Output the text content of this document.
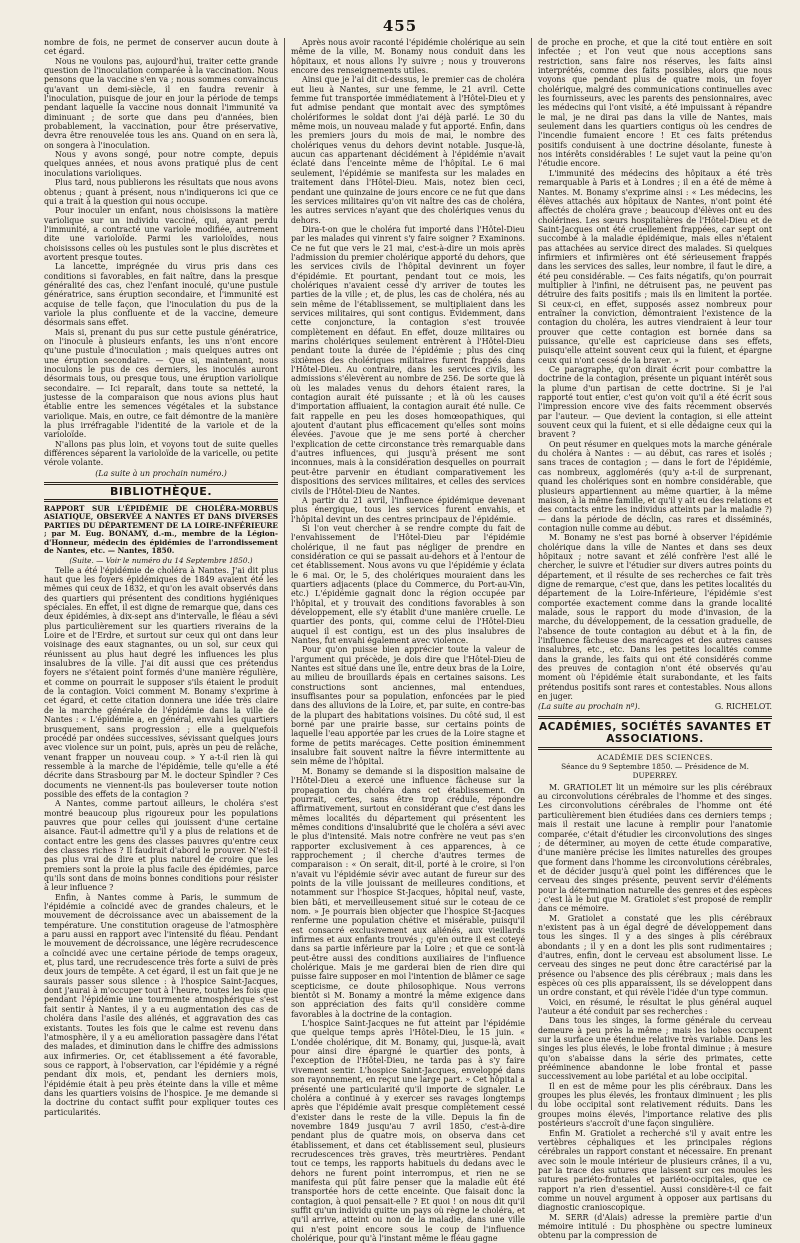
455

nombre de fois, ne permet de conserver aucun doute à cet égard.

Nous ne voulons pas, aujourd'hui, traiter cette grande question de l'inoculation comparée à la vaccination. Nous pensons que la vaccine s'en va ; nous sommes convaincus qu'avant un demi-siècle, il en faudra revenir à l'inoculation, puisque de jour en jour la période de temps pendant laquelle la vaccine nous donnait l'immunité va diminuant ; de sorte que dans peu d'années, bien probablement, la vaccination, pour être préservative, devra être renouvelée tous les ans. Quand on en sera là, on songera à l'inoculation.

Nous y avons songé, pour notre compte, depuis quelques années, et nous avons pratiqué plus de cent inoculations varioliques.

Plus tard, nous publierons les résultats que nous avons obtenus ; quant à présent, nous n'indiquerons ici que ce qui a trait à la question qui nous occupe.

Pour inoculer un enfant, nous choisissons la matière variolique sur un individu vacciné, qui, ayant perdu l'immunité, a contracté une variole modifiée, autrement dite une varioloïde. Parmi les varioloïdes, nous choisissons celles où les pustules sont le plus discrètes et avortent presque toutes.

La lancette, imprégnée du virus pris dans ces conditions si favorables, en fait naître, dans la presque généralité des cas, chez l'enfant inoculé, qu'une pustule génératrice, sans éruption secondaire, et l'immunité est acquise de telle façon, que l'inoculation du pus de la variole la plus confluente et de la vaccine, demeure désormais sans effet.

Mais si, prenant du pus sur cette pustule génératrice, on l'inocule à plusieurs enfants, les uns n'ont encore qu'une pustule d'inoculation ; mais quelques autres ont une éruption secondaire. — Que si, maintenant, nous inoculons le pus de ces derniers, les inoculés auront désormais tous, ou presque tous, une éruption variolique secondaire. — Ici reparaît, dans toute sa netteté, la justesse de la comparaison que nous avions plus haut établie entre les semences végétales et la substance variolique. Mais, en outre, ce fait démontre de la manière la plus irréfragable l'identité de la variole et de la varioloïde.

N'allons pas plus loin, et voyons tout de suite quelles différences séparent la varioloïde de la varicelle, ou petite vérole volante.

(La suite à un prochain numéro.)

BIBLIOTHÈQUE.

RAPPORT SUR L'ÉPIDÉMIE DE CHOLÉRA-MORBUS ASIATIQUE, OBSERVÉE A NANTES ET DANS DIVERSES PARTIES DU DÉPARTEMENT DE LA LOIRE-INFÉRIEURE ; par M. Eug. BONAMY, d.-m., membre de la Légion-d'Honneur, médecin des épidémies de l'arrondissement de Nantes, etc. — Nantes, 1850.
(Suite. — Voir le numéro du 14 Septembre 1850.)

Telle a été l'épidémie de choléra à Nantes. J'ai dit plus haut que les foyers épidémiques de 1849 avaient été les mêmes qui ceux de 1832, et qu'on les avait observés dans des quartiers qui présentent des conditions hygiéniques spéciales. En effet, il est digne de remarque que, dans ces deux épidémies, à dix-sept ans d'intervalle, le fléau a sévi plus particulièrement sur les quartiers riverains de la Loire et de l'Erdre, et surtout sur ceux qui ont dans leur voisinage des eaux stagnantes, ou un sol, sur ceux qui réunissent au plus haut degré les influences les plus insalubres de la ville. J'ai dit aussi que ces prétendus foyers ne s'étaient point formés d'une manière régulière, et comme on pourrait le supposer s'ils étaient le produit de la contagion. Voici comment M. Bonamy s'exprime à cet égard, et cette citation donnera une idée très claire de la marche générale de l'épidémie dans la ville de Nantes : « L'épidémie a, en général, envahi les quartiers brusquement, sans progression ; elle a quelquefois procédé par ondées successives, sévissant quelques jours avec violence sur un point, puis, après un peu de relâche, venant frapper un nouveau coup. » Y a-t-il rien là qui ressemble à la marche de l'épidémie, telle qu'elle a été décrite dans Strasbourg par M. le docteur Spindler ? Ces documents ne viennent-ils pas bouleverser toute notion possible des effets de la contagion ?

A Nantes, comme partout ailleurs, le choléra s'est montré beaucoup plus rigoureux pour les populations pauvres que pour celles qui jouissent d'une certaine aisance. Faut-il admettre qu'il y a plus de relations et de contact entre les gens des classes pauvres qu'entre ceux des classes riches ? Il faudrait d'abord le prouver. N'est-il pas plus vrai de dire et plus naturel de croire que les premiers sont la proie la plus facile des épidémies, parce qu'ils sont dans de moins bonnes conditions pour résister à leur influence ?

Enfin, à Nantes comme à Paris, le summum de l'épidémie a coïncidé avec de grandes chaleurs, et le mouvement de décroissance avec un abaissement de la température. Une constitution orageuse de l'atmosphère a paru aussi en rapport avec l'intensité du fléau. Pendant le mouvement de décroissance, une légère recrudescence a coïncidé avec une certaine période de temps orageux, et, plus tard, une recrudescence très forte a suivi de près deux jours de tempête. A cet égard, il est un fait que je ne saurais passer sous silence : à l'hospice Saint-Jacques, dont j'aurai à m'occuper tout à l'heure, toutes les fois que pendant l'épidémie une tourmente atmosphérique s'est fait sentir à Nantes, il y a eu augmentation des cas de choléra dans l'asile des aliénés, et aggravation des cas existants. Toutes les fois que le calme est revenu dans l'atmosphère, il y a eu amélioration passagère dans l'état des malades, et diminution dans le chiffre des admissions aux infirmeries. Or, cet établissement a été favorable, sous ce rapport, à l'observation, car l'épidémie y a régné pendant dix mois, et, pendant les derniers mois, l'épidémie était à peu près éteinte dans la ville et même dans les quartiers voisins de l'hospice. Je me demande si la doctrine du contact suffit pour expliquer toutes ces particularités.

Après nous avoir raconté l'épidémie cholérique au sein même de la ville, M. Bonamy nous conduit dans les hôpitaux, et nous allons l'y suivre ; nous y trouverons encore des renseignements utiles.

Ainsi que je l'ai dit ci-dessus, le premier cas de choléra eut lieu à Nantes, sur une femme, le 21 avril. Cette femme fut transportée immédiatement à l'Hôtel-Dieu et y fut admise pendant que montait avec des symptômes cholériformes le soldat dont j'ai déjà parlé. Le 30 du même mois, un nouveau malade y fut apporté. Enfin, dans les premiers jours du mois de mai, le nombre des cholériques venus du dehors devint notable. Jusque-là, aucun cas appartenant décidément à l'épidémie n'avait éclaté dans l'enceinte même de l'hôpital. Le 6 mai seulement, l'épidémie se manifesta sur les malades en traitement dans l'Hôtel-Dieu. Mais, notez bien ceci, pendant une quinzaine de jours encore ce ne fut que dans les services militaires qu'on vit naître des cas de choléra, les autres services n'ayant que des cholériques venus du dehors.

Dira-t-on que le choléra fut importé dans l'Hôtel-Dieu par les malades qui vinrent s'y faire soigner ? Examinons. Ce ne fut que vers le 21 mai, c'est-à-dire un mois après l'admission du premier cholérique apporté du dehors, que les services civils de l'hôpital devinrent un foyer d'épidémie. Et pourtant, pendant tout ce mois, les cholériques n'avaient cessé d'y arriver de toutes les parties de la ville ; et, de plus, les cas de choléra, nés au sein même de l'établissement, se multipliaient dans les services militaires, qui sont contigus. Évidemment, dans cette conjoncture, la contagion s'est trouvée complètement en défaut. En effet, douze militaires ou marins cholériques seulement entrèrent à l'Hôtel-Dieu pendant toute la durée de l'épidémie ; plus des cinq sixièmes des cholériques militaires furent frappés dans l'Hôtel-Dieu. Au contraire, dans les services civils, les admissions s'élevèrent au nombre de 256. De sorte que là où les malades venus du dehors étaient rares, la contagion aurait été puissante ; et là où les causes d'importation affluaient, la contagion aurait été nulle. Ce fait rappelle en peu les doses homœopathiques, qui ajoutent d'autant plus efficacement qu'elles sont moins élevées. J'avoue que je me sens porté à chercher l'explication de cette circonstance très remarquable dans d'autres influences, qui jusqu'à présent me sont inconnues, mais à la considération desquelles on pourrait peut-être parvenir en étudiant comparativement les dispositions des services militaires, et celles des services civils de l'Hôtel-Dieu de Nantes.

A partir du 21 avril, l'influence épidémique devenant plus énergique, tous les services furent envahis, et l'hôpital devint un des centres principaux de l'épidémie.

Si l'on veut chercher à se rendre compte du fait de l'envahissement de l'Hôtel-Dieu par l'épidémie cholérique, il ne faut pas négliger de prendre en considération ce qui se passait au-dehors et à l'entour de cet établissement. Nous avons vu que l'épidémie y éclata le 6 mai. Or, le 5, des cholériques mouraient dans les quartiers adjacents (place du Commerce, du Port-au-Vin, etc.) L'épidémie gagnait donc la région occupée par l'hôpital, et y trouvait des conditions favorables à son développement, elle s'y établit d'une manière cruelle. Le quartier des ponts, qui, comme celui de l'Hôtel-Dieu auquel il est contigu, est un des plus insalubres de Nantes, fut envahi également avec violence.

Pour qu'on puisse bien apprécier toute la valeur de l'argument qui précède, je dois dire que l'Hôtel-Dieu de Nantes est situé dans une île, entre deux bras de la Loire, au milieu de brouillards épais en certaines saisons. Les constructions sont anciennes, mal entendues, insuffisantes pour sa population, enfoncées par le pied dans des alluvions de la Loire, et, par suite, en contre-bas de la plupart des habitations voisines. Du côté sud, il est borné par une prairie basse, sur certains points de laquelle l'eau apportée par les crues de la Loire stagne et forme de petits marécages. Cette position éminemment insalubre fait souvent naître la fièvre intermittente au sein même de l'hôpital.

M. Bonamy se demande si la disposition malsaine de l'Hôtel-Dieu a exercé une influence fâcheuse sur la propagation du choléra dans cet établissement. On pourrait, certes, sans être trop crédule, répondre affirmativement, surtout en considérant que c'est dans les mêmes localités du département qui présentent les mêmes conditions d'insalubrité que le choléra a sévi avec le plus d'intensité. Mais notre confrère ne veut pas s'en rapporter exclusivement à ces apparences, à ce rapprochement ; il cherche d'autres termes de comparaison : « On serait, dit-il, porté à le croire, si l'on n'avait vu l'épidémie sévir avec autant de fureur sur des points de la ville jouissant de meilleures conditions, et notamment sur l'hospice St-Jacques, hôpital neuf, vaste, bien bâti, et merveilleusement situé sur le coteau de ce nom. » Je pourrais bien objecter que l'hospice St-Jacques renferme une population chétive et misérable, puisqu'il est consacré exclusivement aux aliénés, aux vieillards infirmes et aux enfants trouvés ; qu'en outre il est coteyé dans sa partie inférieure par la Loire ; et que ce sont-là peut-être aussi des conditions auxiliaires de l'influence cholérique. Mais je me garderai bien de rien dire qui puisse faire supposer en moi l'intention de blâmer ce sage scepticisme, ce doute philosophique. Nous verrons bientôt si M. Bonamy a montré la même exigence dans son appréciation des faits qu'il considère comme favorables à la doctrine de la contagion.

L'hospice Saint-Jacques ne fut atteint par l'épidémie que quelque temps après l'Hôtel-Dieu, le 15 juin. « L'ondée cholérique, dit M. Bonamy, qui, jusque-là, avait pour ainsi dire épargné le quartier des ponts, à l'exception de l'Hôtel-Dieu, ne tarda pas à s'y faire vivement sentir. L'hospice Saint-Jacques, enveloppé dans son rayonnement, en reçut une large part. » Cet hôpital a présenté une particularité qu'il importe de signaler. Le choléra a continué à y exercer ses ravages longtemps après que l'épidémie avait presque complètement cessé d'exister dans le reste de la ville. Depuis la fin de novembre 1849 jusqu'au 7 avril 1850, c'est-à-dire pendant plus de quatre mois, on observa dans cet établissement, et dans cet établissement seul, plusieurs recrudescences très graves, très meurtrières. Pendant tout ce temps, les rapports habituels du dedans avec le dehors ne furent point interrompus, et rien ne se manifesta qui pût faire penser que la maladie eût été transportée hors de cette enceinte. Que faisait donc la contagion, à quoi pensait-elle ? Et quoi ! on nous dit qu'il suffit qu'un individu quitte un pays où règne le choléra, et qu'il arrive, atteint ou non de la maladie, dans une ville qui n'est point encore sous le coup de l'influence cholérique, pour qu'à l'instant même le fléau gagne

de proche en proche, et que la cité tout entière en soit infectée ; et l'on veut que nous acceptions sans restriction, sans faire nos réserves, les faits ainsi interprétés, comme des faits possibles, alors que nous voyons que pendant plus de quatre mois, un foyer cholérique, malgré des communications continuelles avec les fournisseurs, avec les parents des pensionnaires, avec les médecins qui l'ont visité, a été impuissant à répandre le mal, je ne dirai pas dans la ville de Nantes, mais seulement dans les quartiers contigus où les cendres de l'incendie fumaient encore ! Et ces faits prétendus positifs conduisent à une doctrine désolante, funeste à nos intérêts considérables ! Le sujet vaut la peine qu'on l'étudie encore.

L'immunité des médecins des hôpitaux a été très remarquable à Paris et à Londres ; il en a été de même à Nantes. M. Bonamy s'exprime ainsi : « Les médecins, les élèves attachés aux hôpitaux de Nantes, n'ont point été affectés de choléra grave ; beaucoup d'élèves ont eu des cholérines. Les sœurs hospitalières de l'Hôtel-Dieu et de Saint-Jacques ont été cruellement frappées, car sept ont succombé à la maladie épidémique, mais elles n'étaient pas attachées au service direct des malades. Si quelques infirmiers et infirmières ont été sérieusement frappés dans les services des salles, leur nombre, il faut le dire, a été peu considérable. — Ces faits négatifs, qu'on pourrait multiplier à l'infini, ne détruisent pas, ne peuvent pas détruire des faits positifs ; mais ils en limitent la portée. Si ceux-ci, en effet, supposés assez nombreux pour entraîner la conviction, démontraient l'existence de la contagion du choléra, les autres viendraient à leur tour prouver que cette contagion est bornée dans sa puissance, qu'elle est capricieuse dans ses effets, puisqu'elle atteint souvent ceux qui la fuient, et épargne ceux qui n'ont cessé de la braver. »

Ce paragraphe, qu'on dirait écrit pour combattre la doctrine de la contagion, présente un piquant intérêt sous la plume d'un partisan de cette doctrine. Si je l'ai rapporté tout entier, c'est qu'on voit qu'il a été écrit sous l'impression encore vive des faits récemment observés par l'auteur. — Que devient la contagion, si elle atteint souvent ceux qui la fuient, et si elle dédaigne ceux qui la bravent ?

On peut résumer en quelques mots la marche générale du choléra à Nantes : — au début, cas rares et isolés ; sans traces de contagion ; — dans le fort de l'épidémie, cas nombreux, agglomérés (qu'y a-t-il de surprenant, quand les cholériques sont en nombre considérable, que plusieurs appartiennent au même quartier, à la même maison, à la même famille, et qu'il y ait eu des relations et des contacts entre les individus atteints par la maladie ?) — dans la période de déclin, cas rares et disséminés, contagion nulle comme au début.

M. Bonamy ne s'est pas borné à observer l'épidémie cholérique dans la ville de Nantes et dans ses deux hôpitaux ; notre savant et zélé confrère l'est allé le chercher, le suivre et l'étudier sur divers autres points du département, et il résulte de ses recherches ce fait très digne de remarque, c'est que, dans les petites localités du département de la Loire-Inférieure, l'épidémie s'est comportée exactement comme dans la grande localité malade, sous le rapport du mode d'invasion, de la marche, du développement, de la cessation graduelle, de l'absence de toute contagion au début et à la fin, de l'influence fâcheuse des marécages et des autres causes insalubres, etc., etc. Dans les petites localités comme dans la grande, les faits qui ont été considérés comme des preuves de contagion n'ont été observés qu'au moment où l'épidémie était surabondante, et les faits prétendus positifs sont rares et contestables. Nous allons en juger.

(La suite au prochain nº).	G. RICHELOT.

ACADÉMIES, SOCIÉTÉS SAVANTES ET ASSOCIATIONS.

ACADÉMIE DES SCIENCES.

Séance du 9 Septembre 1850. — Présidence de M. DUPERREY.

M. GRATIOLET lit un mémoire sur les plis cérébraux au circonvolutions cérébrales de l'homme et des singes. Les circonvolutions cérébrales de l'homme ont été particulièrement bien étudiées dans ces derniers temps ; mais il restait une lacune à remplir pour l'anatomie comparée, c'était d'étudier les circonvolutions des singes ; de déterminer, au moyen de cette étude comparative, d'une manière précise les limites naturelles des groupes que forment dans l'homme les circonvolutions cérébrales, et de décider jusqu'à quel point les différences que le cerveau des singes présente, peuvent servir d'éléments pour la détermination naturelle des genres et des espèces ; c'est là le but que M. Gratiolet s'est proposé de remplir dans ce mémoire.

M. Gratiolet a constaté que les plis cérébraux n'existent pas à un égal degré de développement dans tous les singes. Il y a des singes à plis cérébraux abondants ; il y en a dont les plis sont rudimentaires ; d'autres, enfin, dont le cerveau est absolument lisse. Le cerveau des singes ne peut donc être caractérisé par la présence ou l'absence des plis cérébraux ; mais dans les espèces où ces plis apparaissent, ils se développent dans un ordre constant, et qui révèle l'idée d'un type commun.

Voici, en résumé, le résultat le plus général auquel l'auteur a été conduit par ses recherches :

Dans tous les singes, la forme générale du cerveau demeure à peu près la même ; mais les lobes occupent sur la surface une étendue relative très variable. Dans les singes les plus élevés, le lobe frontal diminue ; à mesure qu'on s'abaisse dans la série des primates, cette prééminence abandonne le lobe frontal et passe successivement au lobe pariétal et au lobe occipital.

Il en est de même pour les plis cérébraux. Dans les groupes les plus élevés, les frontaux diminuent ; les plis du lobe occipital sont relativement réduits. Dans les groupes moins élevés, l'importance relative des plis postérieurs s'accroît d'une façon singulière.

Enfin M. Gratiolet a recherché s'il y avait entre les vertèbres céphaliques et les principales régions cérébrales un rapport constant et nécessaire. En prenant avec soin le moule intérieur de plusieurs crânes, il a vu, par la trace des sutures que laissent sur ces moules les sutures pariéto-frontales et pariéto-occipitales, que ce rapport n'a rien d'essentiel. Aussi considère-t-il ce fait comme un nouvel argument à opposer aux partisans du diagnostic cranioscopique.

M. SERR (d'Alais) adresse la première partie d'un mémoire intitulé : Du phosphène ou spectre lumineux obtenu par la compression de
